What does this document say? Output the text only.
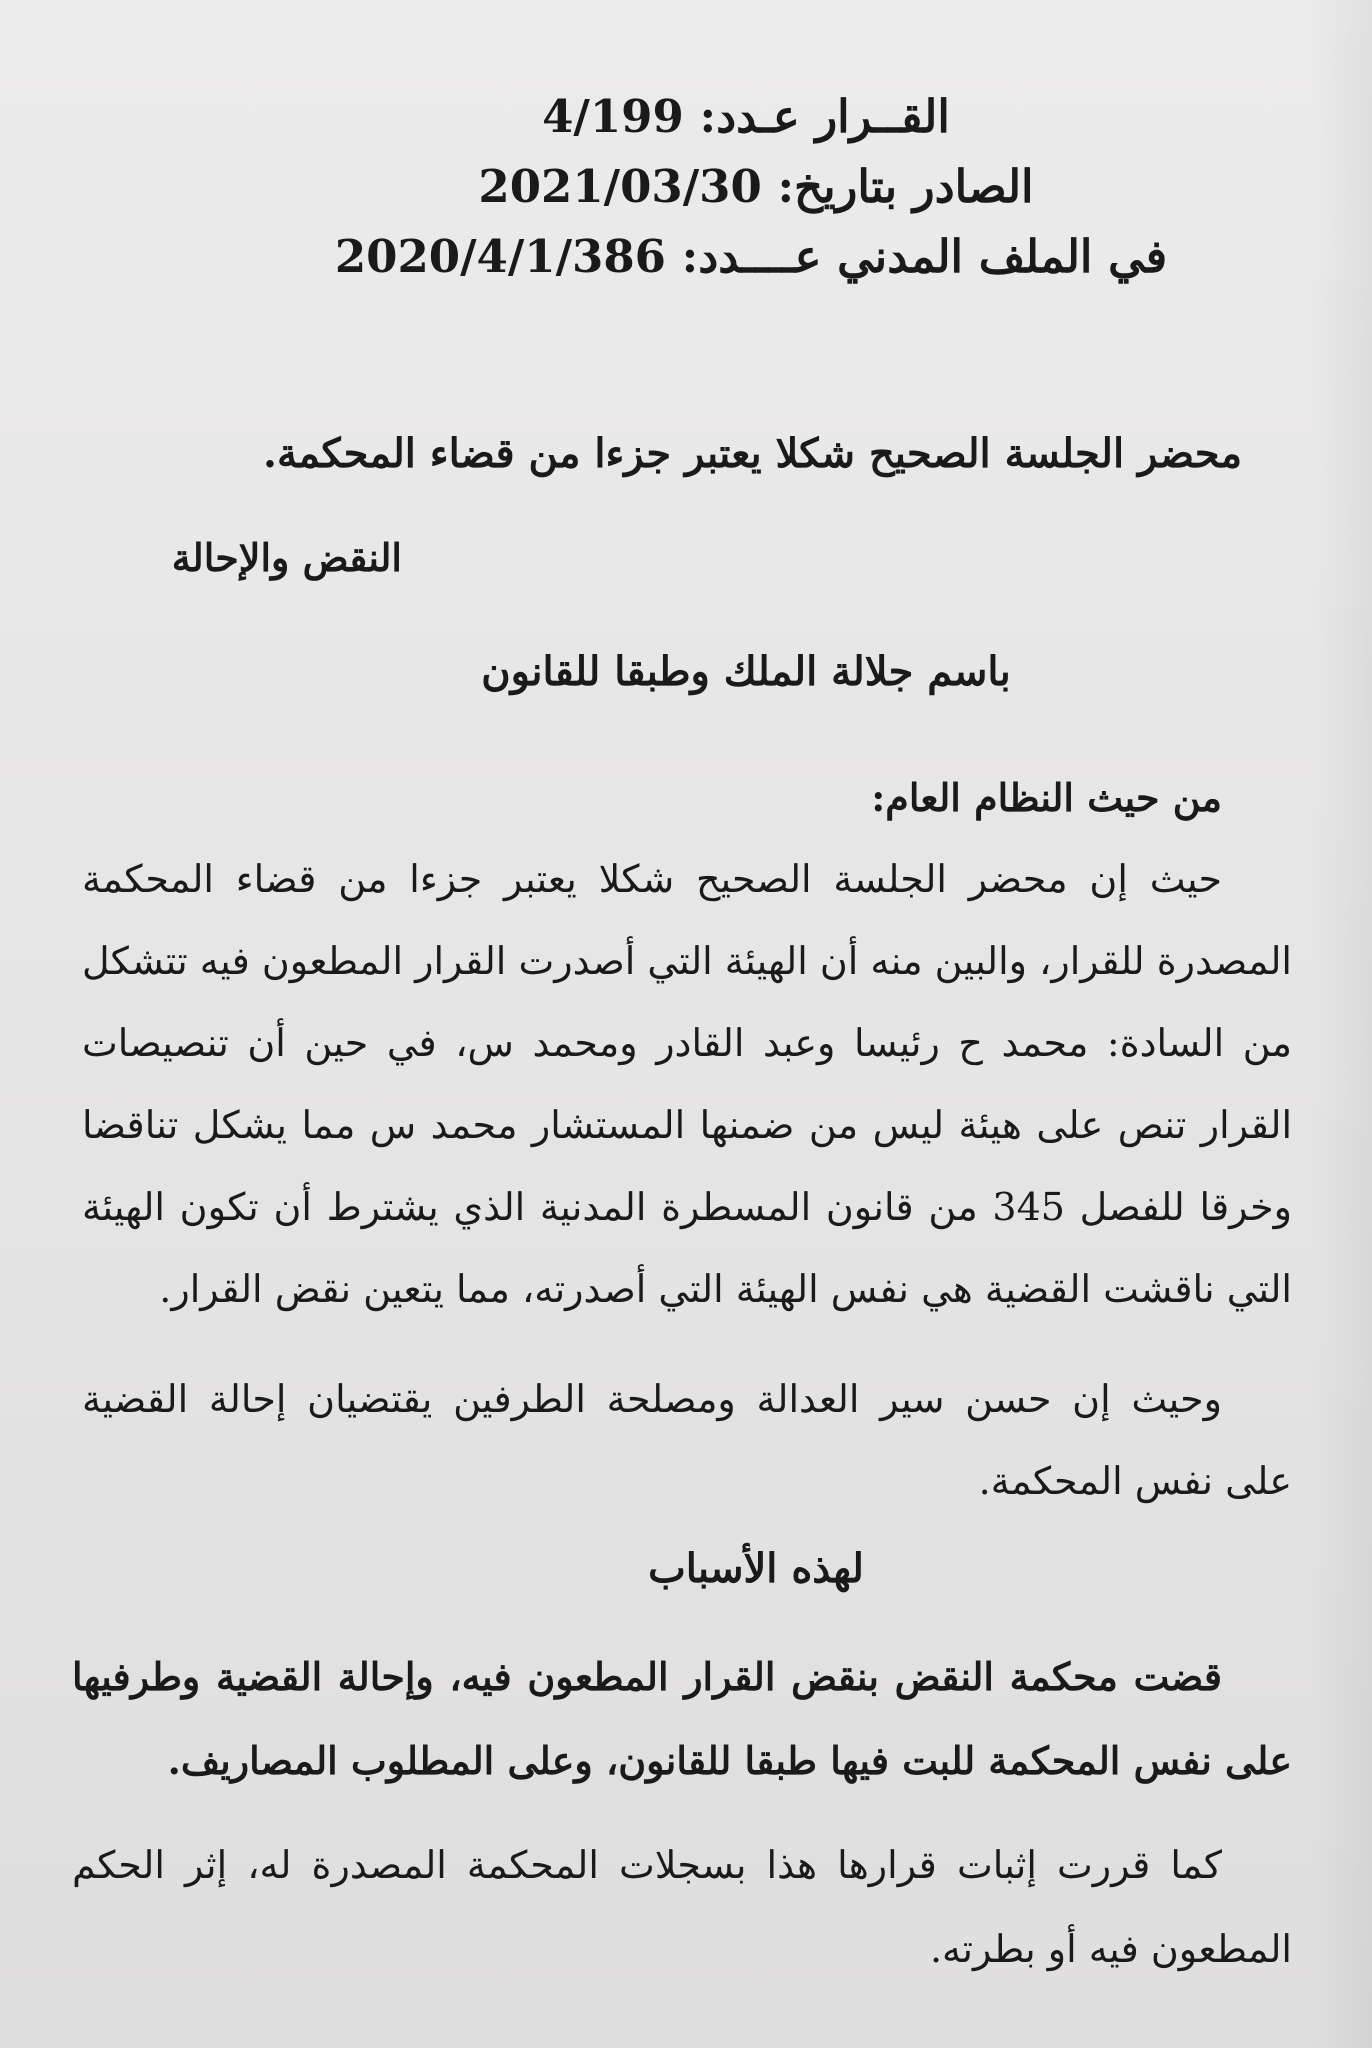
القــرار عـدد: 4/199
الصادر بتاريخ: 2021/03/30
في الملف المدني عــــدد: 2020/4/1/386
محضر الجلسة الصحيح شكلا يعتبر جزءا من قضاء المحكمة.
النقض والإحالة
باسم جلالة الملك وطبقا للقانون
من حيث النظام العام:
حيث إن محضر الجلسة الصحيح شكلا يعتبر جزءا من قضاء المحكمة المصدرة للقرار، والبين منه أن الهيئة التي أصدرت القرار المطعون فيه تتشكل من السادة: محمد ح رئيسا وعبد القادر ومحمد س، في حين أن تنصيصات القرار تنص على هيئة ليس من ضمنها المستشار محمد س مما يشكل تناقضا وخرقا للفصل 345 من قانون المسطرة المدنية الذي يشترط أن تكون الهيئة التي ناقشت القضية هي نفس الهيئة التي أصدرته، مما يتعين نقض القرار.
وحيث إن حسن سير العدالة ومصلحة الطرفين يقتضيان إحالة القضية على نفس المحكمة.
لهذه الأسباب
قضت محكمة النقض بنقض القرار المطعون فيه، وإحالة القضية وطرفيها على نفس المحكمة للبت فيها طبقا للقانون، وعلى المطلوب المصاريف.
كما قررت إثبات قرارها هذا بسجلات المحكمة المصدرة له، إثر الحكم المطعون فيه أو بطرته.
